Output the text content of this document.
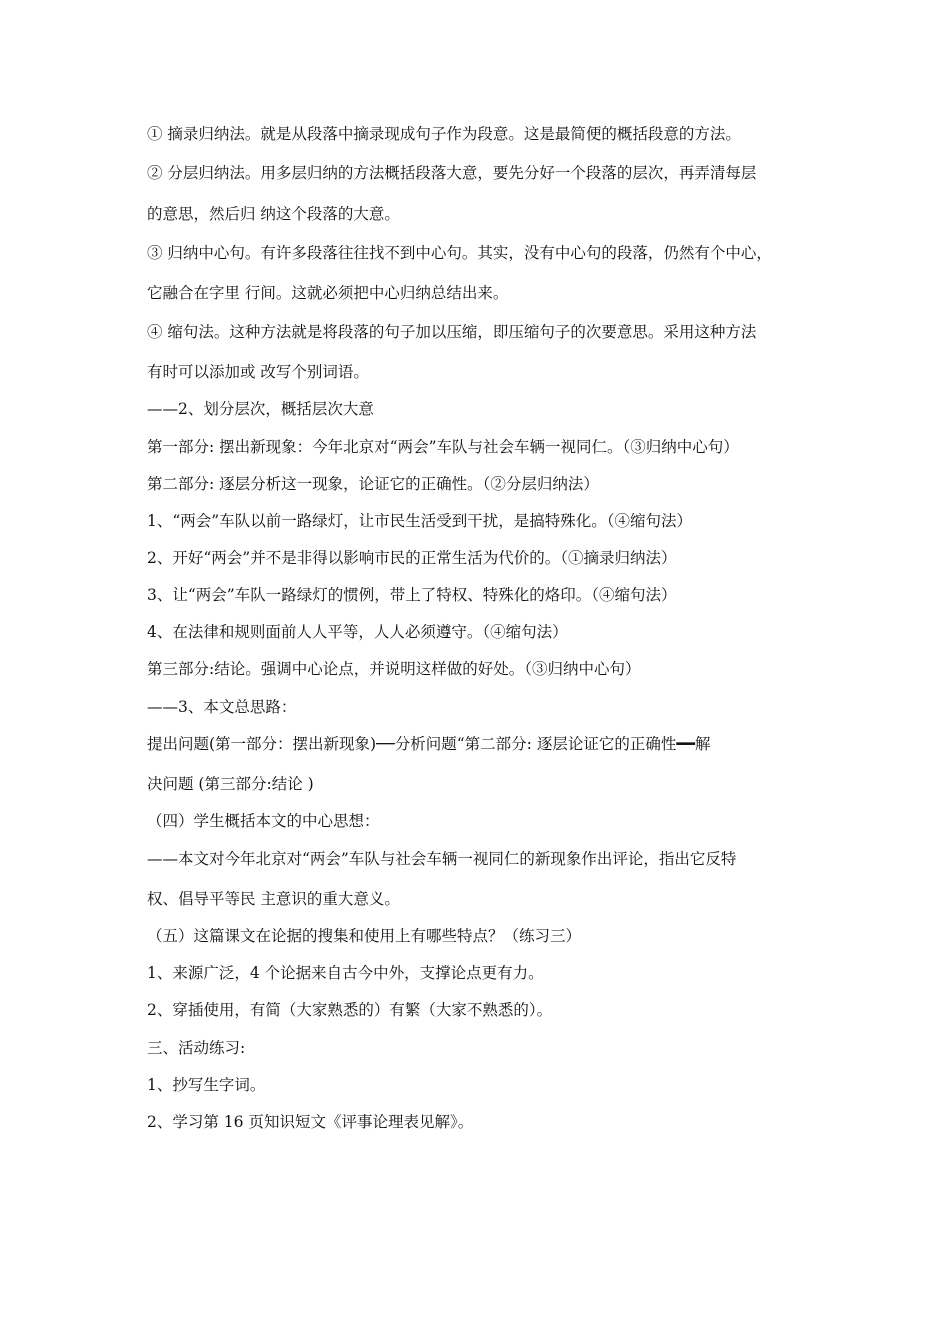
① 摘录归纳法。就是从段落中摘录现成句子作为段意。这是最简便的概括段意的方法。
② 分层归纳法。用多层归纳的方法概括段落大意，要先分好一个段落的层次，再弄清每层
的意思，然后归 纳这个段落的大意。
③ 归纳中心句。有许多段落往往找不到中心句。其实，没有中心句的段落，仍然有个中心，
它融合在字里 行间。这就必须把中心归纳总结出来。
④ 缩句法。这种方法就是将段落的句子加以压缩，即压缩句子的次要意思。采用这种方法
有时可以添加或 改写个别词语。
——2、划分层次，概括层次大意
第一部分: 摆出新现象：今年北京对“两会”车队与社会车辆一视同仁。（③归纳中心句）
第二部分: 逐层分析这一现象，论证它的正确性。（②分层归纳法）
1、“两会”车队以前一路绿灯，让市民生活受到干扰，是搞特殊化。（④缩句法）
2、开好“两会”并不是非得以影响市民的正常生活为代价的。（①摘录归纳法）
3、让“两会”车队一路绿灯的惯例，带上了特权、特殊化的烙印。（④缩句法）
4、在法律和规则面前人人平等，人人必须遵守。（④缩句法）
第三部分:结论。强调中心论点，并说明这样做的好处。（③归纳中心句）
——3、本文总思路：
提出问题(第一部分：摆出新现象)──分析问题“第二部分: 逐层论证它的正确性━━解
决问题 (第三部分:结论 )
（四）学生概括本文的中心思想：
——本文对今年北京对“两会”车队与社会车辆一视同仁的新现象作出评论，指出它反特
权、倡导平等民 主意识的重大意义。
（五）这篇课文在论据的搜集和使用上有哪些特点？（练习三）
1、来源广泛，4 个论据来自古今中外，支撑论点更有力。
2、穿插使用，有简（大家熟悉的）有繁（大家不熟悉的）。
三、活动练习:
1、抄写生字词。
2、学习第 16 页知识短文《评事论理表见解》。
